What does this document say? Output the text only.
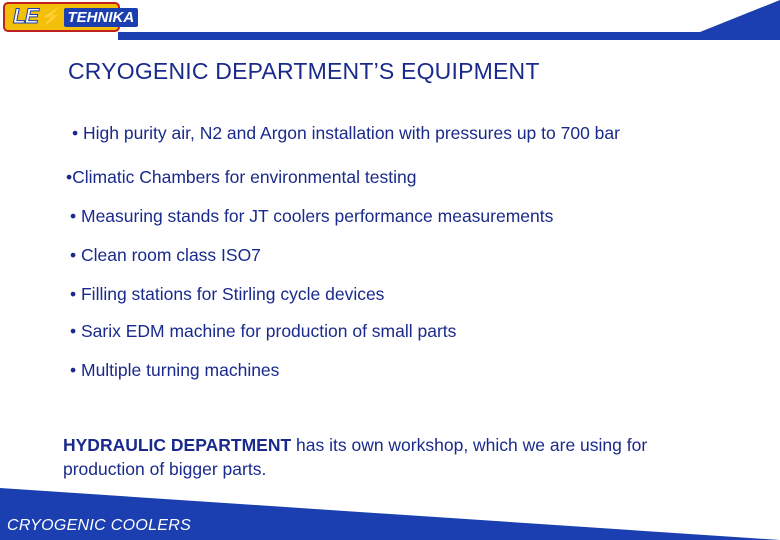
LE ⚡ TEHNIKA
CRYOGENIC DEPARTMENT’S EQUIPMENT
• High purity air, N2 and Argon installation with pressures up to 700 bar
•Climatic Chambers for environmental testing
• Measuring stands for JT coolers performance measurements
• Clean room class ISO7
• Filling stations for Stirling cycle devices
• Sarix EDM machine for production of small parts
• Multiple turning machines
HYDRAULIC DEPARTMENT has its own workshop, which we are using for production of bigger parts.
CRYOGENIC COOLERS
